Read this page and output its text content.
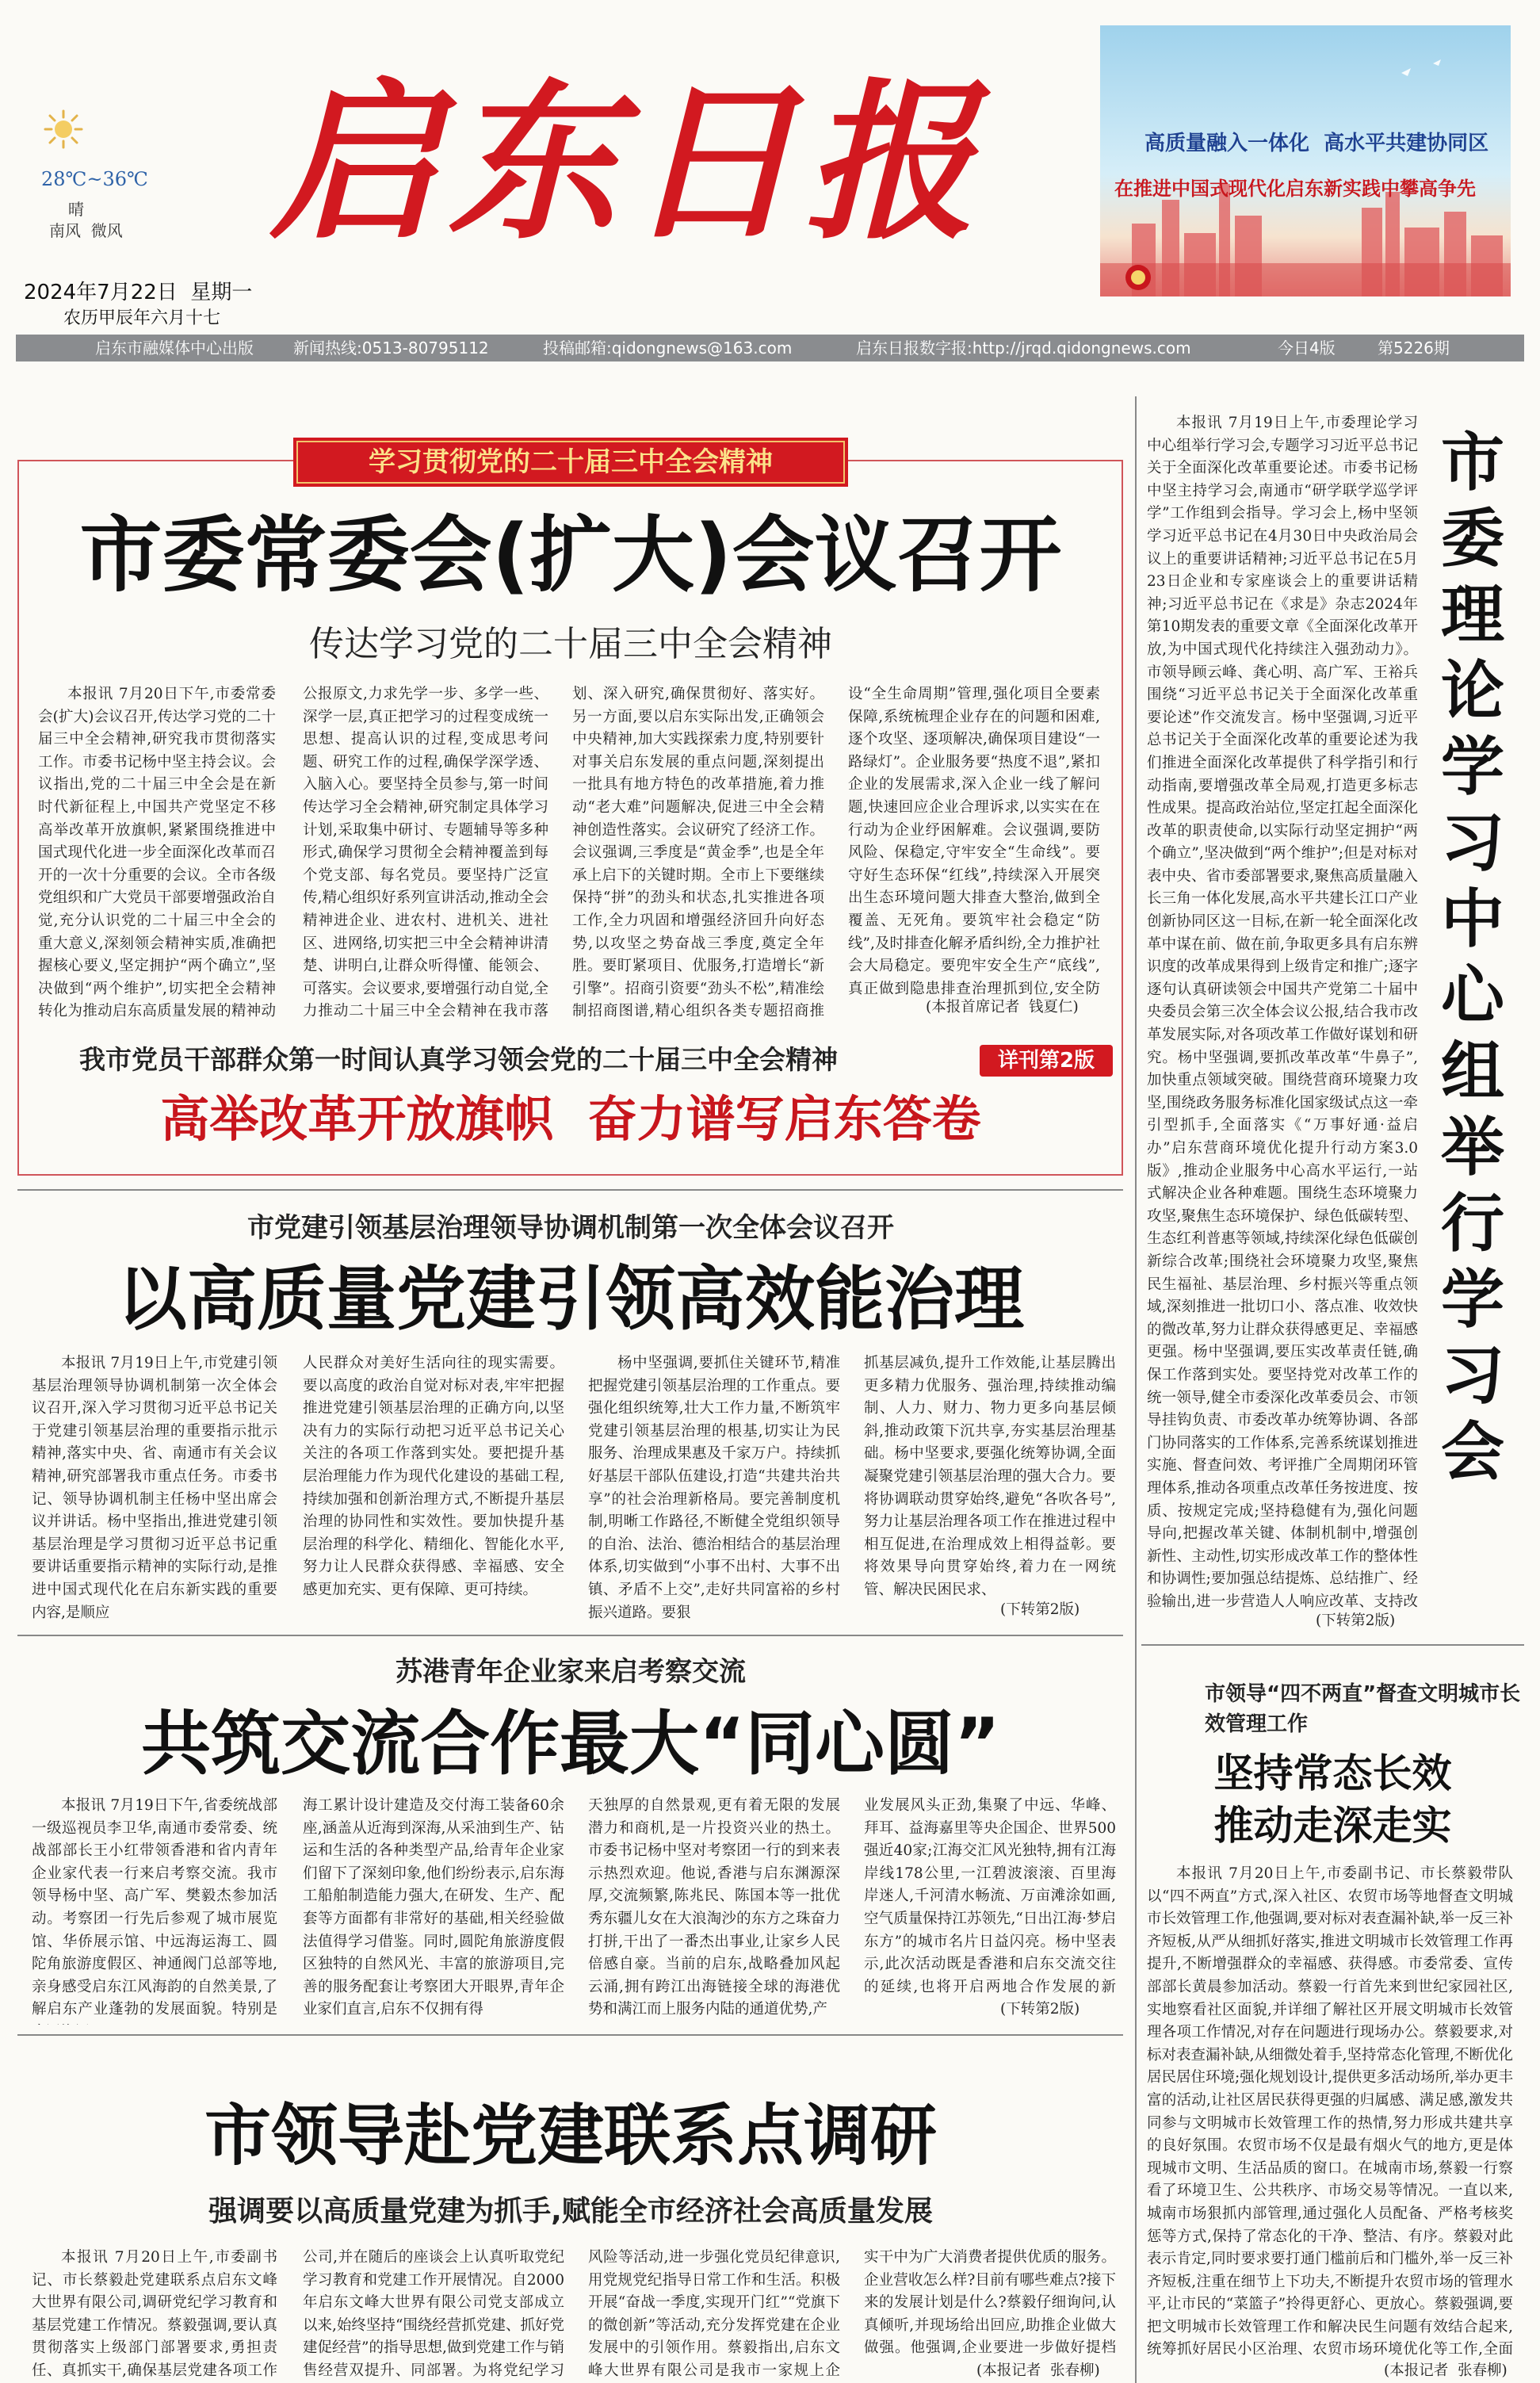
28℃~36℃
晴
南风  微风 启东日报
2024年7月22日  星期一
农历甲辰年六月十七
高质量融入一体化  高水平共建协同区
在推进中国式现代化启东新实践中攀高争先
启东市融媒体中心出版	新闻热线:0513-80795112	投稿邮箱:qidongnews@163.com	启东日报数字报:http://jrqd.qidongnews.com	今日4版	第5226期
学习贯彻党的二十届三中全会精神
市委常委会(扩大)会议召开
传达学习党的二十届三中全会精神

本报讯 7月20日下午,市委常委会(扩大)会议召开,传达学习党的二十届三中全会精神,研究我市贯彻落实工作。市委书记杨中坚主持会议。会议指出,党的二十届三中全会是在新时代新征程上,中国共产党坚定不移高举改革开放旗帜,紧紧围绕推进中国式现代化进一步全面深化改革而召开的一次十分重要的会议。全市各级党组织和广大党员干部要增强政治自觉,充分认识党的二十届三中全会的重大意义,深刻领会精神实质,准确把握核心要义,坚定拥护“两个确立”,坚决做到“两个维护”,切实把全会精神转化为推动启东高质量发展的精神动

公报原文,力求先学一步、多学一些、深学一层,真正把学习的过程变成统一思想、提高认识的过程,变成思考问题、研究工作的过程,确保学深学透、入脑入心。要坚持全员参与,第一时间传达学习全会精神,研究制定具体学习计划,采取集中研讨、专题辅导等多种形式,确保学习贯彻全会精神覆盖到每个党支部、每名党员。要坚持广泛宣传,精心组织好系列宣讲活动,推动全会精神进企业、进农村、进机关、进社区、进网络,切实把三中全会精神讲清楚、讲明白,让群众听得懂、能领会、可落实。会议要求,要增强行动自觉,全力推动二十届三中全会精神在我市落

划、深入研究,确保贯彻好、落实好。另一方面,要以启东实际出发,正确领会中央精神,加大实践探索力度,特别要针对事关启东发展的重点问题,深刻提出一批具有地方特色的改革措施,着力推动“老大难”问题解决,促进三中全会精神创造性落实。会议研究了经济工作。会议强调,三季度是“黄金季”,也是全年承上启下的关键时期。全市上下要继续保持“拼”的劲头和状态,扎实推进各项工作,全力巩固和增强经济回升向好态势,以攻坚之势奋战三季度,奠定全年胜。要盯紧项目、优服务,打造增长“新引擎”。招商引资要“劲头不松”,精准绘制招商图谱,精心组织各类专题招商推

设“全生命周期”管理,强化项目全要素保障,系统梳理企业存在的问题和困难,逐个攻坚、逐项解决,确保项目建设“一路绿灯”。企业服务要“热度不退”,紧扣企业的发展需求,深入企业一线了解问题,快速回应企业合理诉求,以实实在在行动为企业纾困解难。会议强调,要防风险、保稳定,守牢安全“生命线”。要守好生态环保“红线”,持续深入开展突出生态环境问题大排查大整治,做到全覆盖、无死角。要筑牢社会稳定“防线”,及时排查化解矛盾纠纷,全力推护社会大局稳定。要兜牢安全生产“底线”,真正做到隐患排查治理抓到位,安全防

(本报首席记者  钱夏仁)
我市党员干部群众第一时间认真学习领会党的二十届三中全会精神	详刊第2版
高举改革开放旗帜  奋力谱写启东答卷
市党建引领基层治理领导协调机制第一次全体会议召开
以高质量党建引领高效能治理

本报讯 7月19日上午,市党建引领基层治理领导协调机制第一次全体会议召开,深入学习贯彻习近平总书记关于党建引领基层治理的重要指示批示精神,落实中央、省、南通市有关会议精神,研究部署我市重点任务。市委书记、领导协调机制主任杨中坚出席会议并讲话。杨中坚指出,推进党建引领基层治理是学习贯彻习近平总书记重要讲话重要指示精神的实际行动,是推进中国式现代化在启东新实践的重要内容,是顺应

人民群众对美好生活向往的现实需要。要以高度的政治自觉对标对表,牢牢把握推进党建引领基层治理的正确方向,以坚决有力的实际行动把习近平总书记关心关注的各项工作落到实处。要把提升基层治理能力作为现代化建设的基础工程,持续加强和创新治理方式,不断提升基层治理的协同性和实效性。要加快提升基层治理的科学化、精细化、智能化水平,努力让人民群众获得感、幸福感、安全感更加充实、更有保障、更可持续。

杨中坚强调,要抓住关键环节,精准把握党建引领基层治理的工作重点。要强化组织统筹,壮大工作力量,不断筑牢党建引领基层治理的根基,切实让为民服务、治理成果惠及千家万户。持续抓好基层干部队伍建设,打造“共建共治共享”的社会治理新格局。要完善制度机制,明晰工作路径,不断健全党组织领导的自治、法治、德治相结合的基层治理体系,切实做到“小事不出村、大事不出镇、矛盾不上交”,走好共同富裕的乡村振兴道路。要狠

抓基层减负,提升工作效能,让基层腾出更多精力优服务、强治理,持续推动编制、人力、财力、物力更多向基层倾斜,推动政策下沉共享,夯实基层治理基础。杨中坚要求,要强化统筹协调,全面凝聚党建引领基层治理的强大合力。要将协调联动贯穿始终,避免“各吹各号”,努力让基层治理各项工作在推进过程中相互促进,在治理成效上相得益彰。要将效果导向贯穿始终,着力在一网统管、解决民困民求、

(下转第2版)
苏港青年企业家来启考察交流
共筑交流合作最大“同心圆”

本报讯 7月19日下午,省委统战部一级巡视员李卫华,南通市委常委、统战部部长王小红带领香港和省内青年企业家代表一行来启考察交流。我市领导杨中坚、高广军、樊毅杰参加活动。考察团一行先后参观了城市展览馆、华侨展示馆、中远海运海工、圆陀角旅游度假区、神通阀门总部等地,亲身感受启东江风海韵的自然美景,了解启东产业蓬勃的发展面貌。特别是

海工累计设计建造及交付海工装备60余座,涵盖从近海到深海,从采油到生产、钻运和生活的各种类型产品,给青年企业家们留下了深刻印象,他们纷纷表示,启东海工船舶制造能力强大,在研发、生产、配套等方面都有非常好的基础,相关经验做法值得学习借鉴。同时,圆陀角旅游度假区独特的自然风光、丰富的旅游项目,完善的服务配套让考察团大开眼界,青年企业家们直言,启东不仅拥有得

天独厚的自然景观,更有着无限的发展潜力和商机,是一片投资兴业的热土。市委书记杨中坚对考察团一行的到来表示热烈欢迎。他说,香港与启东渊源深厚,交流频繁,陈兆民、陈国本等一批优秀东疆儿女在大浪淘沙的东方之珠奋力打拼,干出了一番杰出事业,让家乡人民倍感自豪。当前的启东,战略叠加风起云涌,拥有跨江出海链接全球的海港优势和满江而上服务内陆的通道优势,产

业发展风头正劲,集聚了中远、华峰、拜耳、益海嘉里等央企国企、世界500强近40家;江海交汇风光独特,拥有江海岸线178公里,一江碧波滚滚、百里海岸迷人,千河清水畅流、万亩滩涂如画,空气质量保持江苏领先,“日出江海·梦启东方”的城市名片日益闪亮。杨中坚表示,此次活动既是香港和启东交流交往的延续,也将开启两地合作发展的新

(下转第2版)
市领导赴党建联系点调研
强调要以高质量党建为抓手,赋能全市经济社会高质量发展

本报讯 7月20日上午,市委副书记、市长蔡毅赴党建联系点启东文峰大世界有限公司,调研党纪学习教育和基层党建工作情况。蔡毅强调,要认真贯彻落实上级部门部署要求,勇担责任、真抓实干,确保基层党建各项工作

公司,并在随后的座谈会上认真听取党纪学习教育和党建工作开展情况。自2000年启东文峰大世界有限公司党支部成立以来,始终坚持“围绕经营抓党建、抓好党建促经营”的指导思想,做到党建工作与销售经营双提升、同部署。为将党纪学习

风险等活动,进一步强化党员纪律意识,用党规党纪指导日常工作和生活。积极开展“奋战一季度,实现开门红”“党旗下的微创新”等活动,充分发挥党建在企业发展中的引领作用。蔡毅指出,启东文峰大世界有限公司是我市一家规上企

实干中为广大消费者提供优质的服务。企业营收怎么样?目前有哪些难点?接下来的发展计划是什么?蔡毅仔细询问,认真倾听,并现场给出回应,助推企业做大做强。他强调,企业要进一步做好提档

(本报记者  张春柳)

本报讯 7月19日上午,市委理论学习中心组举行学习会,专题学习习近平总书记关于全面深化改革重要论述。市委书记杨中坚主持学习会,南通市“研学联学巡学评学”工作组到会指导。学习会上,杨中坚领学习近平总书记在4月30日中央政治局会议上的重要讲话精神;习近平总书记在5月23日企业和专家座谈会上的重要讲话精神;习近平总书记在《求是》杂志2024年第10期发表的重要文章《全面深化改革开放,为中国式现代化持续注入强劲动力》。市领导顾云峰、龚心明、高广军、王裕兵围绕“习近平总书记关于全面深化改革重要论述”作交流发言。杨中坚强调,习近平总书记关于全面深化改革的重要论述为我们推进全面深化改革提供了科学指引和行动指南,要增强改革全局观,打造更多标志性成果。提高政治站位,坚定扛起全面深化改革的职责使命,以实际行动坚定拥护“两个确立”,坚决做到“两个维护”;但是对标对表中央、省市委部署要求,聚焦高质量融入长三角一体化发展,高水平共建长江口产业创新协同区这一目标,在新一轮全面深化改革中谋在前、做在前,争取更多具有启东辨识度的改革成果得到上级肯定和推广;逐字逐句认真研读领会中国共产党第二十届中央委员会第三次全体会议公报,结合我市改革发展实际,对各项改革工作做好谋划和研究。杨中坚强调,要抓改革改革“牛鼻子”,加快重点领域突破。围绕营商环境聚力攻坚,围绕政务服务标准化国家级试点这一牵引型抓手,全面落实《“万事好通·益启办”启东营商环境优化提升行动方案3.0版》,推动企业服务中心高水平运行,一站式解决企业各种难题。围绕生态环境聚力攻坚,聚焦生态环境保护、绿色低碳转型、生态红利普惠等领域,持续深化绿色低碳创新综合改革;围绕社会环境聚力攻坚,聚焦民生福祉、基层治理、乡村振兴等重点领域,深刻推进一批切口小、落点准、收效快的微改革,努力让群众获得感更足、幸福感更强。杨中坚强调,要压实改革责任链,确保工作落到实处。要坚持党对改革工作的统一领导,健全市委深化改革委员会、市领导挂钩负责、市委改革办统筹协调、各部门协同落实的工作体系,完善系统谋划推进实施、督查问效、考评推广全周期闭环管理体系,推动各项重点改革任务按进度、按质、按规定完成;坚持稳健有为,强化问题导向,把握改革关键、体制机制中,增强创新性、主动性,切实形成改革工作的整体性和协调性;要加强总结提炼、总结推广、经验输出,进一步营造人人响应改革、支持改

(下转第2版)
市委理论学习中心组举行学习会
市领导“四不两直”督查文明城市长效管理工作
坚持常态长效
推动走深走实

本报讯 7月20日上午,市委副书记、市长蔡毅带队以“四不两直”方式,深入社区、农贸市场等地督查文明城市长效管理工作,他强调,要对标对表查漏补缺,举一反三补齐短板,从严从细抓好落实,推进文明城市长效管理工作再提升,不断增强群众的幸福感、获得感。市委常委、宣传部部长黄晨参加活动。蔡毅一行首先来到世纪家园社区,实地察看社区面貌,并详细了解社区开展文明城市长效管理各项工作情况,对存在问题进行现场办公。蔡毅要求,对标对表查漏补缺,从细微处着手,坚持常态化管理,不断优化居民居住环境;强化规划设计,提供更多活动场所,举办更丰富的活动,让社区居民获得更强的归属感、满足感,激发共同参与文明城市长效管理工作的热情,努力形成共建共享的良好氛围。农贸市场不仅是最有烟火气的地方,更是体现城市文明、生活品质的窗口。在城南市场,蔡毅一行察看了环境卫生、公共秩序、市场交易等情况。一直以来,城南市场狠抓内部管理,通过强化人员配备、严格考核奖惩等方式,保持了常态化的干净、整洁、有序。蔡毅对此表示肯定,同时要求要打通门槛前后和门槛外,举一反三补齐短板,注重在细节上下功夫,不断提升农贸市场的管理水平,让市民的“菜篮子”拎得更舒心、更放心。蔡毅强调,要把文明城市长效管理工作和解决民生问题有效结合起来,统筹抓好居民小区治理、农贸市场环境优化等工作,全面

(本报记者  张春柳)
